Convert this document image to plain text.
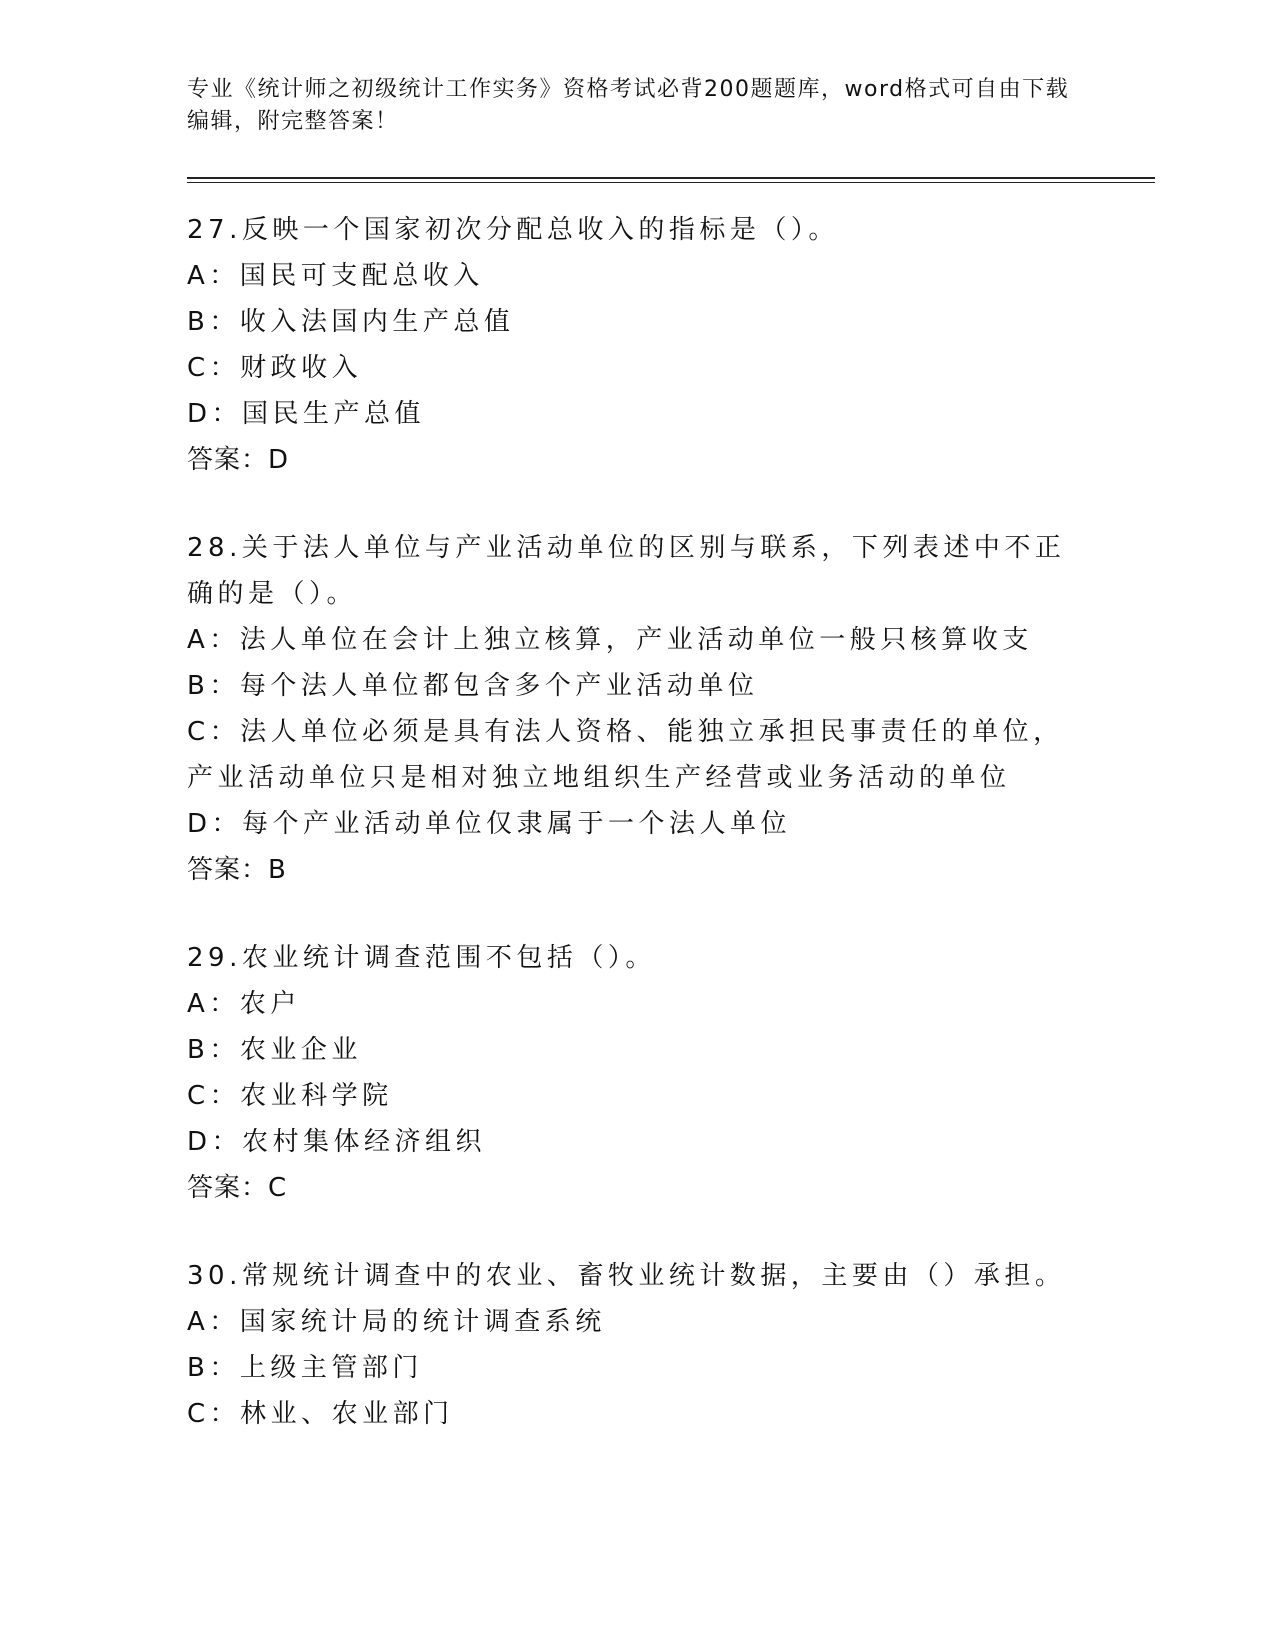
专业《统计师之初级统计工作实务》资格考试必背200题题库，word格式可自由下载编辑，附完整答案！
27.反映一个国家初次分配总收入的指标是（）。
A：国民可支配总收入
B：收入法国内生产总值
C：财政收入
D：国民生产总值
答案：D
28.关于法人单位与产业活动单位的区别与联系，下列表述中不正确的是（）。
A：法人单位在会计上独立核算，产业活动单位一般只核算收支
B：每个法人单位都包含多个产业活动单位
C：法人单位必须是具有法人资格、能独立承担民事责任的单位，产业活动单位只是相对独立地组织生产经营或业务活动的单位
D：每个产业活动单位仅隶属于一个法人单位
答案：B
29.农业统计调查范围不包括（）。
A：农户
B：农业企业
C：农业科学院
D：农村集体经济组织
答案：C
30.常规统计调查中的农业、畜牧业统计数据，主要由（）承担。
A：国家统计局的统计调查系统
B：上级主管部门
C：林业、农业部门
